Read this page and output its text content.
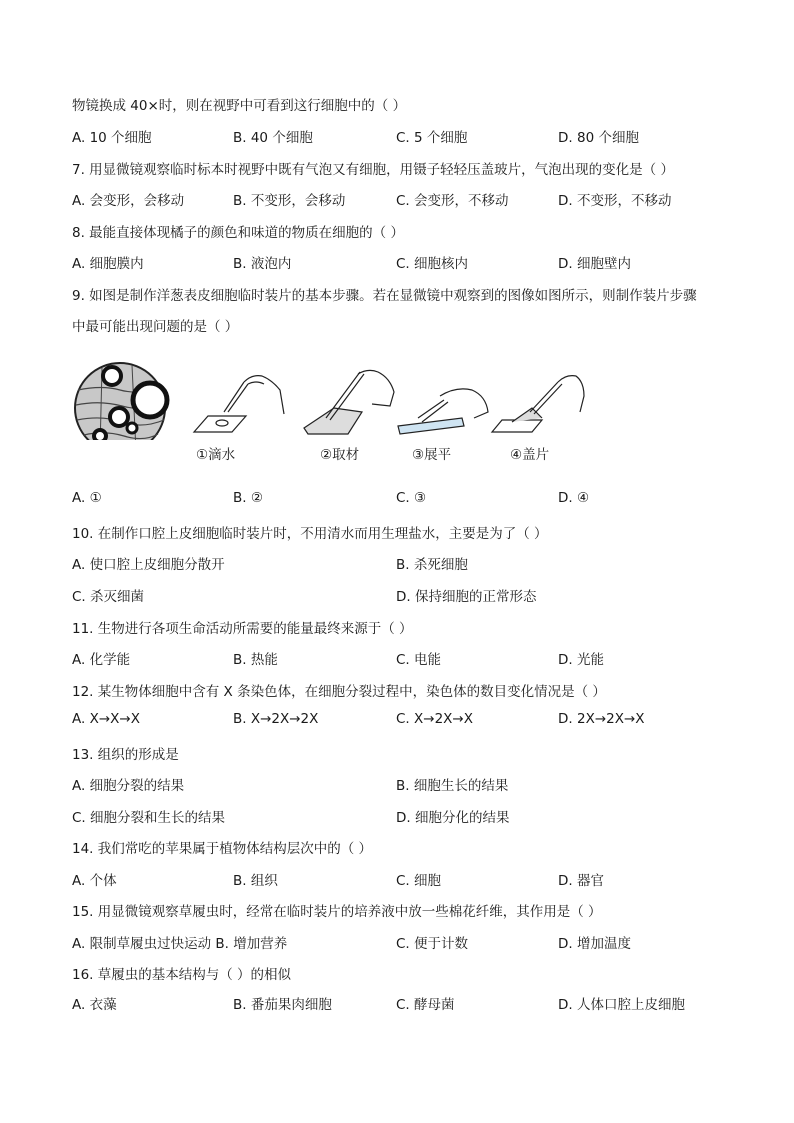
物镜换成 40×时，则在视野中可看到这行细胞中的（ ）
A. 10 个细胞	B. 40 个细胞	C. 5 个细胞	D. 80 个细胞
7. 用显微镜观察临时标本时视野中既有气泡又有细胞，用镊子轻轻压盖玻片，气泡出现的变化是（ ）
A. 会变形，会移动	B. 不变形，会移动	C. 会变形，不移动	D. 不变形，不移动
8. 最能直接体现橘子的颜色和味道的物质在细胞的（ ）
A. 细胞膜内	B. 液泡内	C. 细胞核内	D. 细胞壁内
9. 如图是制作洋葱表皮细胞临时装片的基本步骤。若在显微镜中观察到的图像如图所示，则制作装片步骤
中最可能出现问题的是（ ）
①滴水	②取材	③展平	④盖片
A. ①	B. ②	C. ③	D. ④
10. 在制作口腔上皮细胞临时装片时，不用清水而用生理盐水，主要是为了（ ）
A. 使口腔上皮细胞分散开	B. 杀死细胞
C. 杀灭细菌	D. 保持细胞的正常形态
11. 生物进行各项生命活动所需要的能量最终来源于（ ）
A. 化学能	B. 热能	C. 电能	D. 光能
12. 某生物体细胞中含有 X 条染色体，在细胞分裂过程中，染色体的数目变化情况是（ ）
A. X→X→X	B. X→2X→2X	C. X→2X→X	D. 2X→2X→X
13. 组织的形成是
A. 细胞分裂的结果	B. 细胞生长的结果
C. 细胞分裂和生长的结果	D. 细胞分化的结果
14. 我们常吃的苹果属于植物体结构层次中的（ ）
A. 个体	B. 组织	C. 细胞	D. 器官
15. 用显微镜观察草履虫时，经常在临时装片的培养液中放一些棉花纤维，其作用是（ ）
A. 限制草履虫过快运动 B. 增加营养	C. 便于计数	D. 增加温度
16. 草履虫的基本结构与（ ）的相似
A. 衣藻	B. 番茄果肉细胞	C. 酵母菌	D. 人体口腔上皮细胞
